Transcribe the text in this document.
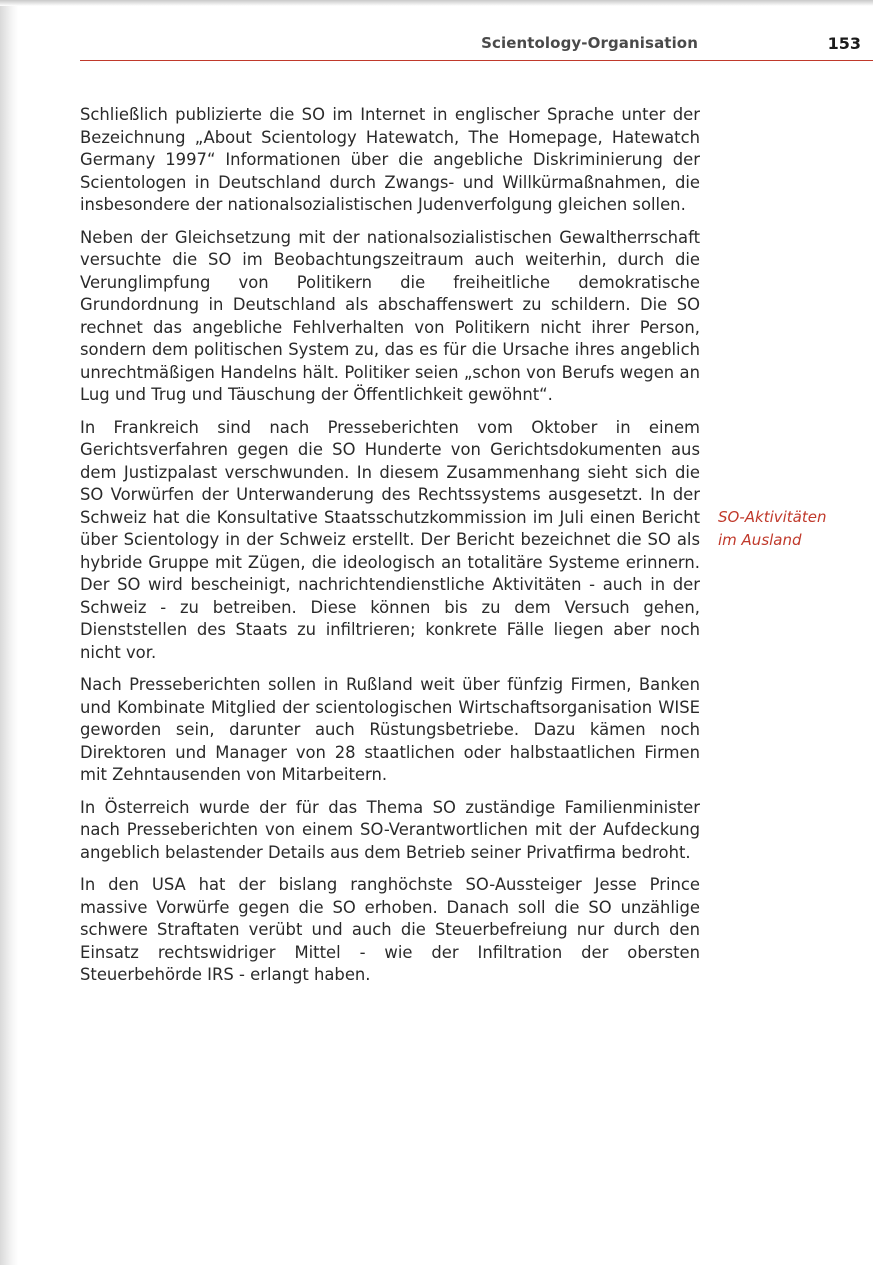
Scientology-Organisation	153

Schließlich publizierte die SO im Internet in englischer Sprache unter der Bezeichnung „About Scientology Hatewatch, The Homepage, Hatewatch Germany 1997“ Informationen über die angebliche Diskriminierung der Scientologen in Deutschland durch Zwangs- und Willkürmaßnahmen, die insbesondere der nationalsozialistischen Judenverfolgung gleichen sollen.

Neben der Gleichsetzung mit der nationalsozialistischen Gewaltherrschaft versuchte die SO im Beobachtungszeitraum auch weiterhin, durch die Verunglimpfung von Politikern die freiheitliche demokratische Grundordnung in Deutschland als abschaffenswert zu schildern. Die SO rechnet das angebliche Fehlverhalten von Politikern nicht ihrer Person, sondern dem politischen System zu, das es für die Ursache ihres angeblich unrechtmäßigen Handelns hält. Politiker seien „schon von Berufs wegen an Lug und Trug und Täuschung der Öffentlichkeit gewöhnt“.

In Frankreich sind nach Presseberichten vom Oktober in einem Gerichtsverfahren gegen die SO Hunderte von Gerichtsdokumenten aus dem Justizpalast verschwunden. In diesem Zusammenhang sieht sich die SO Vorwürfen der Unterwanderung des Rechtssystems ausgesetzt. In der Schweiz hat die Konsultative Staatsschutzkommission im Juli einen Bericht über Scientology in der Schweiz erstellt. Der Bericht bezeichnet die SO als hybride Gruppe mit Zügen, die ideologisch an totalitäre Systeme erinnern. Der SO wird bescheinigt, nachrichtendienstliche Aktivitäten - auch in der Schweiz - zu betreiben. Diese können bis zu dem Versuch gehen, Dienststellen des Staats zu infiltrieren; konkrete Fälle liegen aber noch nicht vor.

Nach Presseberichten sollen in Rußland weit über fünfzig Firmen, Banken und Kombinate Mitglied der scientologischen Wirtschaftsorganisation WISE geworden sein, darunter auch Rüstungsbetriebe. Dazu kämen noch Direktoren und Manager von 28 staatlichen oder halbstaatlichen Firmen mit Zehntausenden von Mitarbeitern.

In Österreich wurde der für das Thema SO zuständige Familienminister nach Presseberichten von einem SO-Verantwortlichen mit der Aufdeckung angeblich belastender Details aus dem Betrieb seiner Privatfirma bedroht.

In den USA hat der bislang ranghöchste SO-Aussteiger Jesse Prince massive Vorwürfe gegen die SO erhoben. Danach soll die SO unzählige schwere Straftaten verübt und auch die Steuerbefreiung nur durch den Einsatz rechtswidriger Mittel - wie der Infiltration der obersten Steuerbehörde IRS - erlangt haben.

SO-Aktivitäten
im Ausland
